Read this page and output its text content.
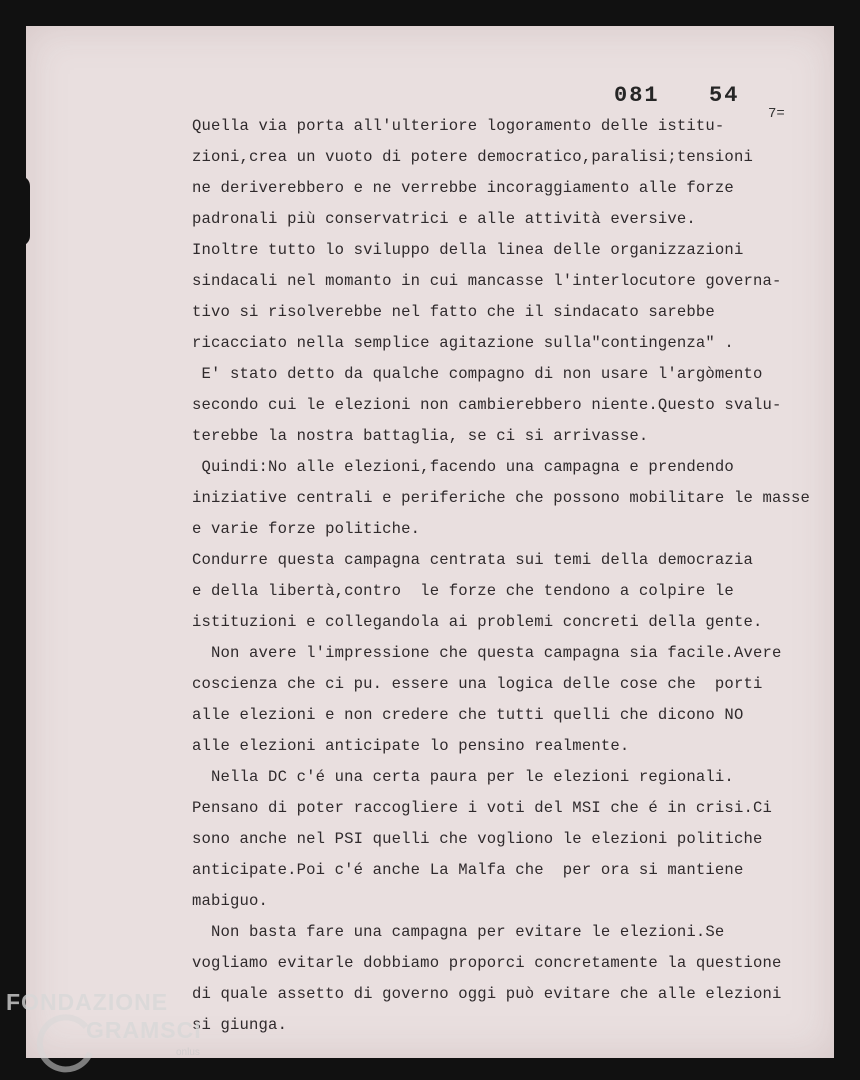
081 54
7=
Quella via porta all'ulteriore logoramento delle istitu-
zioni,crea un vuoto di potere democratico,paralisi;tensioni
ne deriverebbero e ne verrebbe incoraggiamento alle forze
padronali più conservatrici e alle attività eversive.
Inoltre tutto lo sviluppo della linea delle organizzazioni
sindacali nel momanto in cui mancasse l'interlocutore governa-
tivo si risolverebbe nel fatto che il sindacato sarebbe
ricacciato nella semplice agitazione sulla"contingenza" .
E' stato detto da qualche compagno di non usare l'argòmento
secondo cui le elezioni non cambierebbero niente.Questo svalu-
terebbe la nostra battaglia, se ci si arrivasse.
Quindi:No alle elezioni,facendo una campagna e prendendo
iniziative centrali e periferiche che possono mobilitare le masse
e varie forze politiche.
Condurre questa campagna centrata sui temi della democrazia
e della libertà,contro  le forze che tendono a colpire le
istituzioni e collegandola ai problemi concreti della gente.
Non avere l'impressione che questa campagna sia facile.Avere
coscienza che ci pu. essere una logica delle cose che  porti
alle elezioni e non credere che tutti quelli che dicono NO
alle elezioni anticipate lo pensino realmente.
Nella DC c'é una certa paura per le elezioni regionali.
Pensano di poter raccogliere i voti del MSI che é in crisi.Ci
sono anche nel PSI quelli che vogliono le elezioni politiche
anticipate.Poi c'é anche La Malfa che  per ora si mantiene
mabiguo.
Non basta fare una campagna per evitare le elezioni.Se
vogliamo evitarle dobbiamo proporci concretamente la questione
di quale assetto di governo oggi può evitare che alle elezioni
si giunga.
FONDAZIONE
GRAMSCI
onlus
